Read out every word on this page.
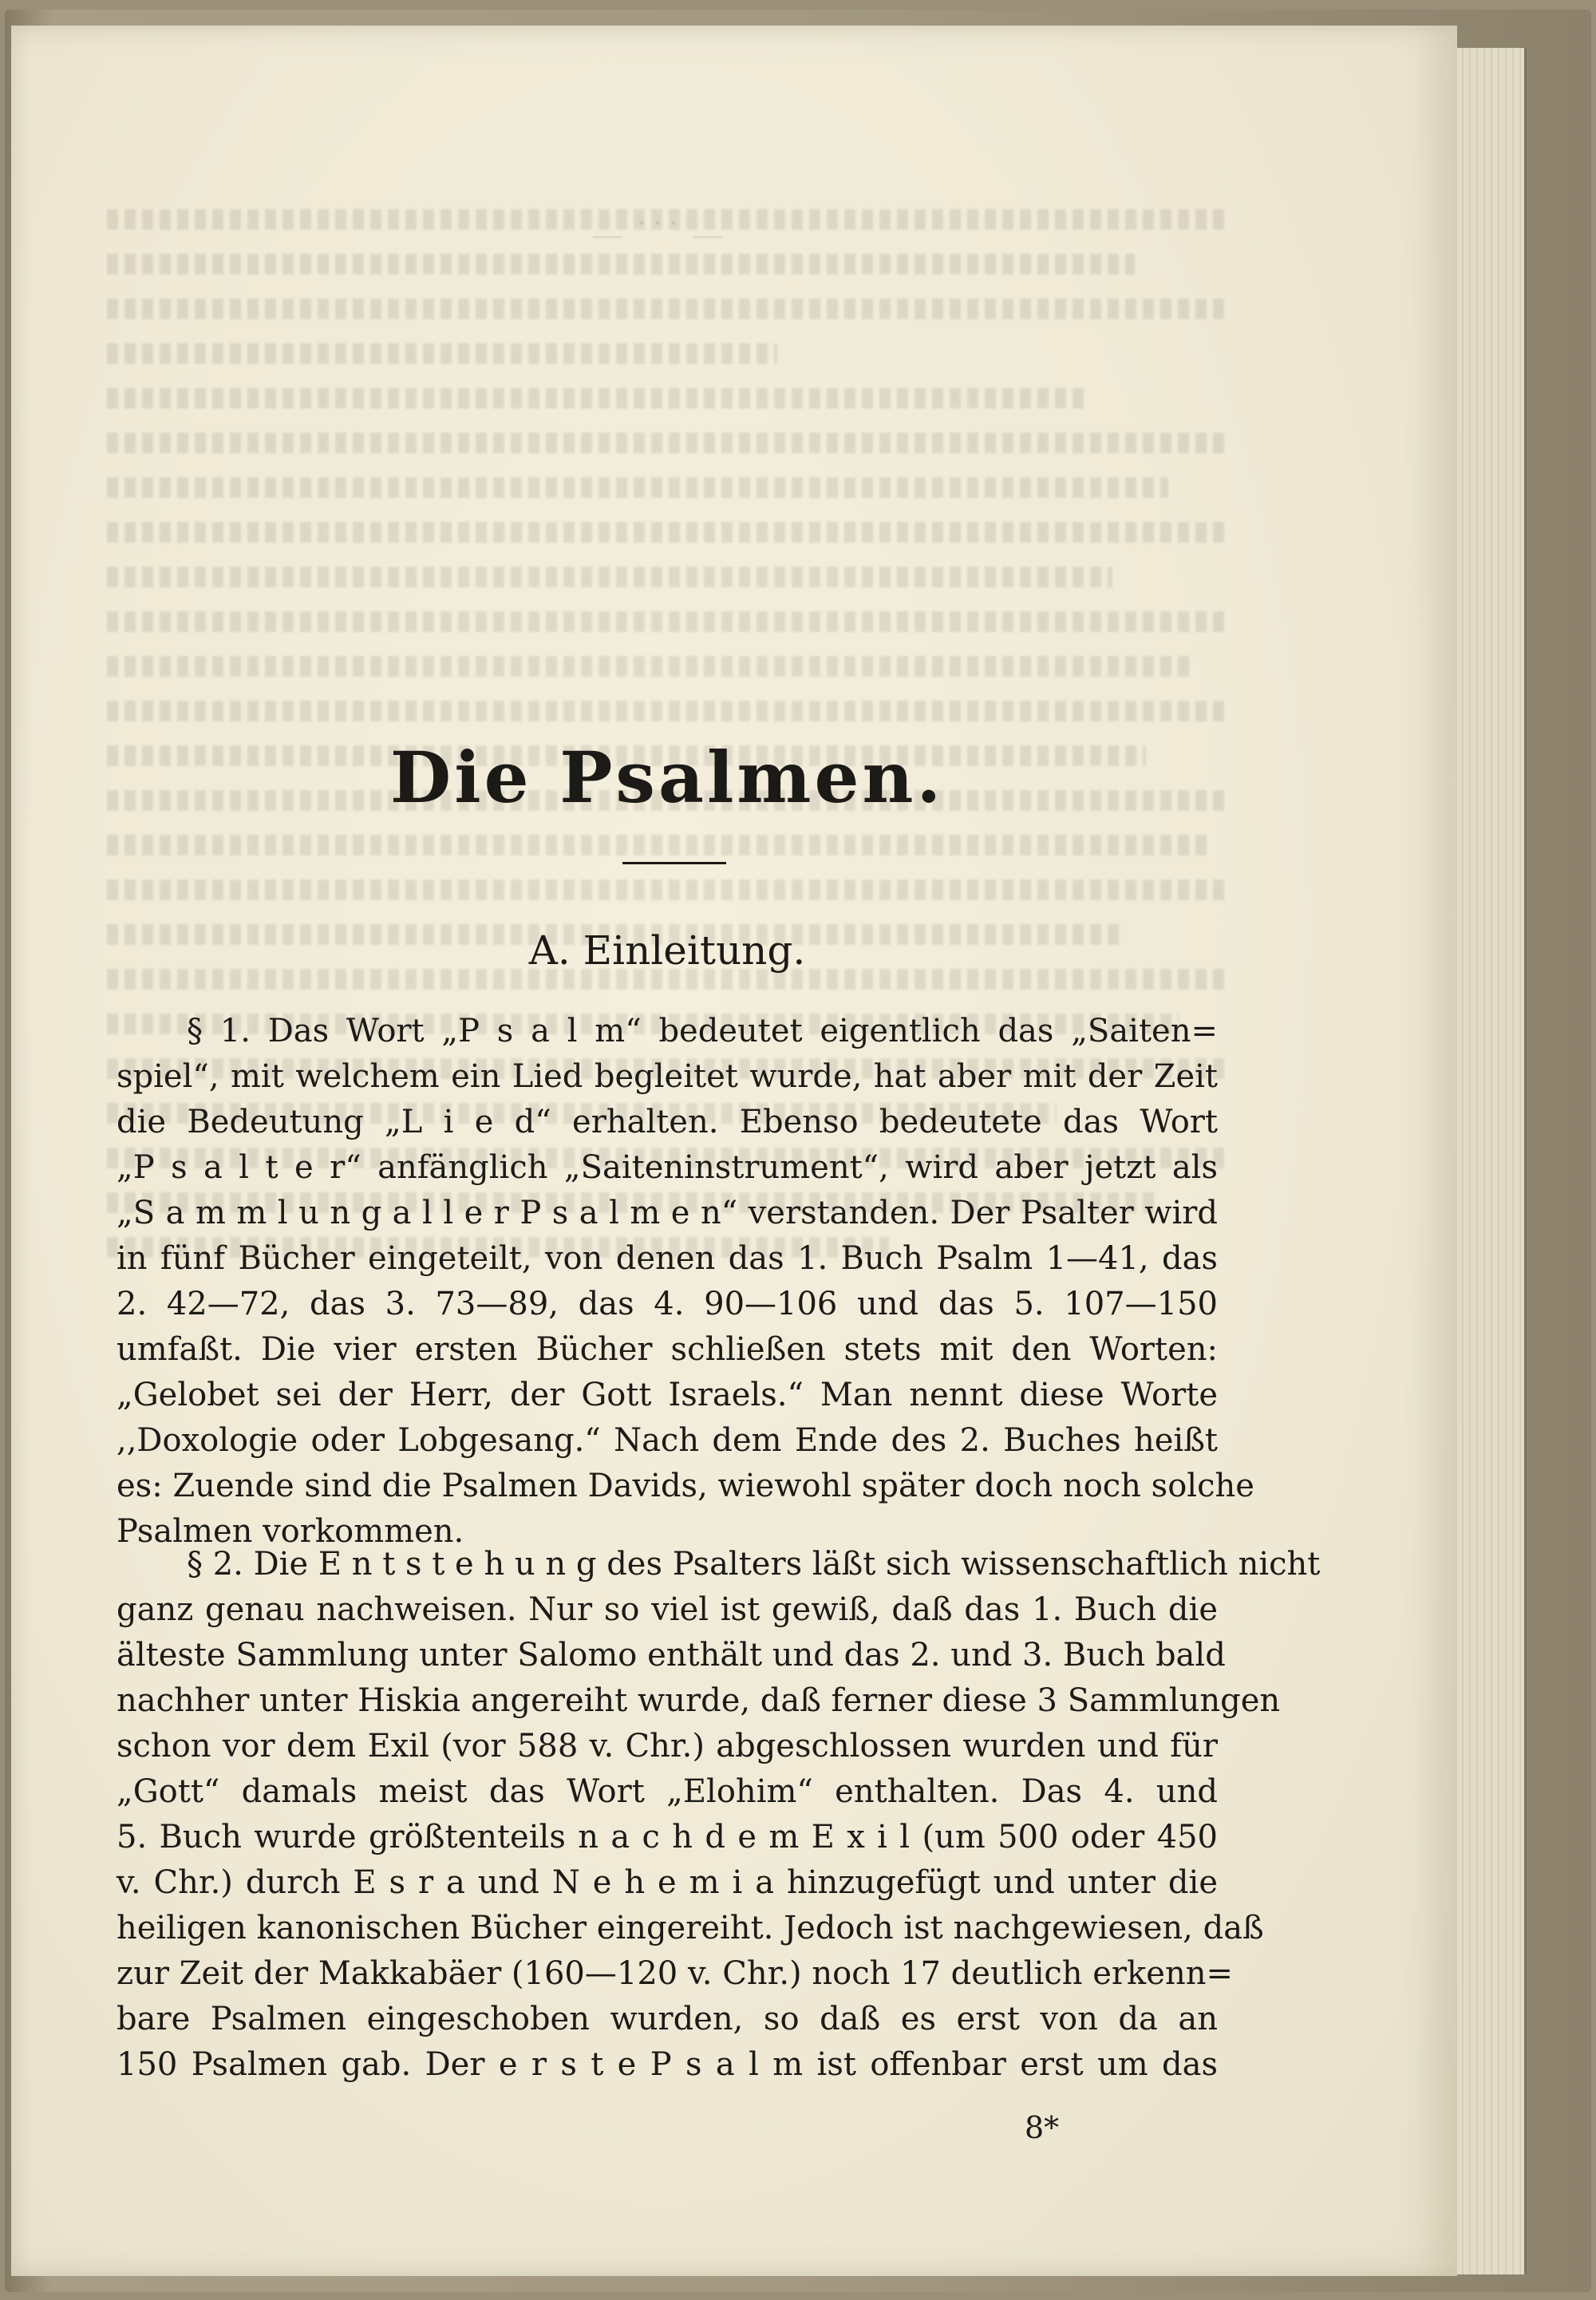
— ˙˙˙ —
Die Psalmen.
A. Einleitung.

§ 1. Das Wort „P s a l m“ bedeutet eigentlich das „Saiten=
spiel“, mit welchem ein Lied begleitet wurde, hat aber mit der Zeit
die Bedeutung „L i e d“ erhalten. Ebenso bedeutete das Wort
„P s a l t e r“ anfänglich „Saiteninstrument“, wird aber jetzt als
„S a m m l u n g a l l e r P s a l m e n“ verstanden. Der Psalter wird
in fünf Bücher eingeteilt, von denen das 1. Buch Psalm 1—41, das
2. 42—72, das 3. 73—89, das 4. 90—106 und das 5. 107—150
umfaßt. Die vier ersten Bücher schließen stets mit den Worten:
„Gelobet sei der Herr, der Gott Israels.“ Man nennt diese Worte
,,Doxologie oder Lobgesang.“ Nach dem Ende des 2. Buches heißt
es: Zuende sind die Psalmen Davids, wiewohl später doch noch solche
Psalmen vorkommen.

§ 2. Die E n t s t e h u n g des Psalters läßt sich wissenschaftlich nicht
ganz genau nachweisen. Nur so viel ist gewiß, daß das 1. Buch die
älteste Sammlung unter Salomo enthält und das 2. und 3. Buch bald
nachher unter Hiskia angereiht wurde, daß ferner diese 3 Sammlungen
schon vor dem Exil (vor 588 v. Chr.) abgeschlossen wurden und für
„Gott“ damals meist das Wort „Elohim“ enthalten. Das 4. und
5. Buch wurde größtenteils n a c h d e m E x i l (um 500 oder 450
v. Chr.) durch E s r a und N e h e m i a hinzugefügt und unter die
heiligen kanonischen Bücher eingereiht. Jedoch ist nachgewiesen, daß
zur Zeit der Makkabäer (160—120 v. Chr.) noch 17 deutlich erkenn=
bare Psalmen eingeschoben wurden, so daß es erst von da an
150 Psalmen gab. Der e r s t e P s a l m ist offenbar erst um das

8*
